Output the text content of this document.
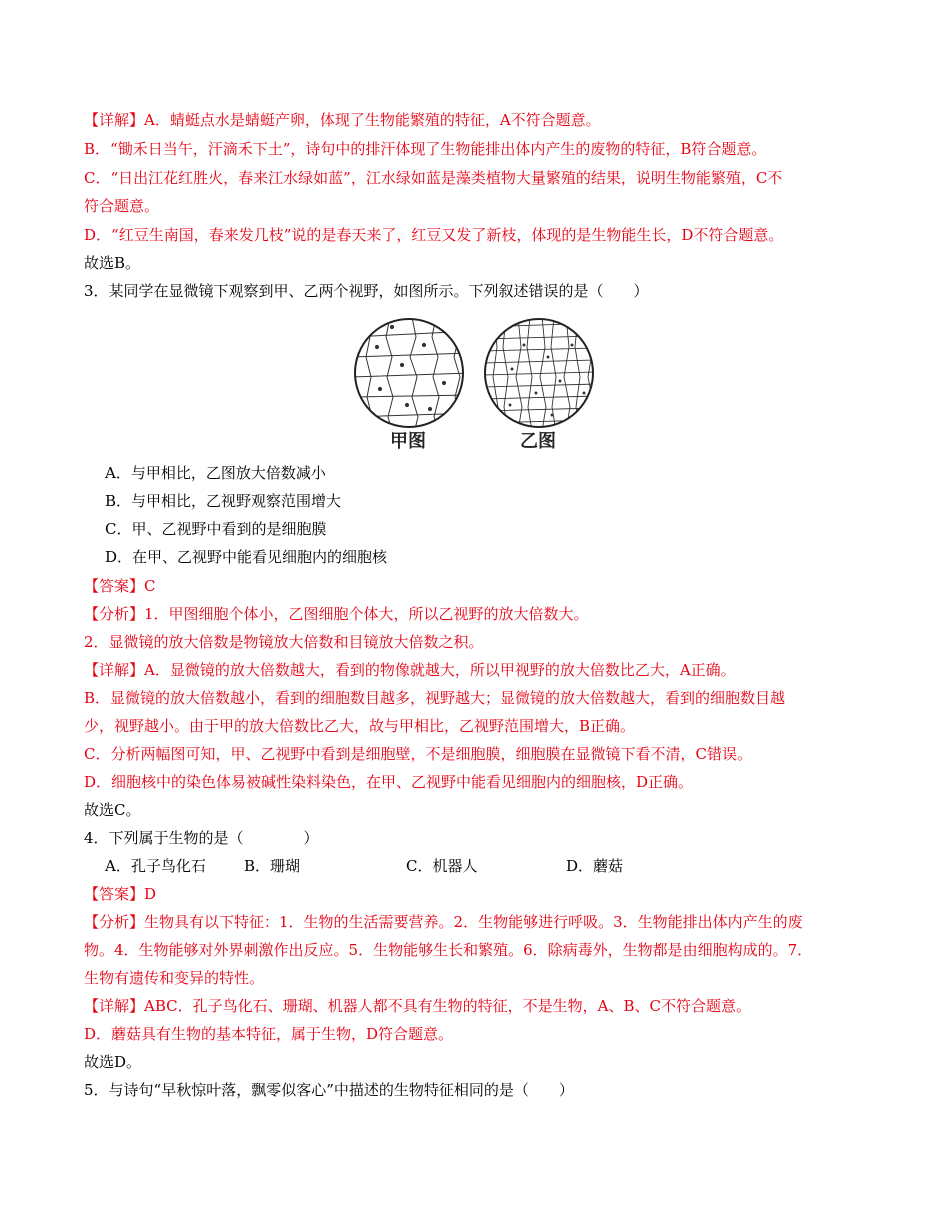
【详解】A．蜻蜓点水是蜻蜓产卵，体现了生物能繁殖的特征，A不符合题意。
B．“锄禾日当午，汗滴禾下土”，诗句中的排汗体现了生物能排出体内产生的废物的特征，B符合题意。
C．“日出江花红胜火，春来江水绿如蓝”，江水绿如蓝是藻类植物大量繁殖的结果，说明生物能繁殖，C不
符合题意。
D．“红豆生南国，春来发几枝”说的是春天来了，红豆又发了新枝，体现的是生物能生长，D不符合题意。
故选B。
3．某同学在显微镜下观察到甲、乙两个视野，如图所示。下列叙述错误的是（　　）
甲图	乙图
A．与甲相比，乙图放大倍数减小
B．与甲相比，乙视野观察范围增大
C．甲、乙视野中看到的是细胞膜
D．在甲、乙视野中能看见细胞内的细胞核
【答案】C
【分析】1．甲图细胞个体小，乙图细胞个体大，所以乙视野的放大倍数大。
2．显微镜的放大倍数是物镜放大倍数和目镜放大倍数之积。
【详解】A．显微镜的放大倍数越大，看到的物像就越大，所以甲视野的放大倍数比乙大，A正确。
B．显微镜的放大倍数越小，看到的细胞数目越多，视野越大；显微镜的放大倍数越大，看到的细胞数目越
少，视野越小。由于甲的放大倍数比乙大，故与甲相比，乙视野范围增大，B正确。
C．分析两幅图可知，甲、乙视野中看到是细胞壁，不是细胞膜，细胞膜在显微镜下看不清，C错误。
D．细胞核中的染色体易被碱性染料染色，在甲、乙视野中能看见细胞内的细胞核，D正确。
故选C。
4．下列属于生物的是（　　　　）
A．孔子鸟化石	B．珊瑚	C．机器人	D．蘑菇
【答案】D
【分析】生物具有以下特征：1．生物的生活需要营养。2．生物能够进行呼吸。3．生物能排出体内产生的废
物。4．生物能够对外界刺激作出反应。5．生物能够生长和繁殖。6．除病毒外，生物都是由细胞构成的。7．
生物有遗传和变异的特性。
【详解】ABC．孔子鸟化石、珊瑚、机器人都不具有生物的特征，不是生物，A、B、C不符合题意。
D．蘑菇具有生物的基本特征，属于生物，D符合题意。
故选D。
5．与诗句“早秋惊叶落，飘零似客心”中描述的生物特征相同的是（　　）
